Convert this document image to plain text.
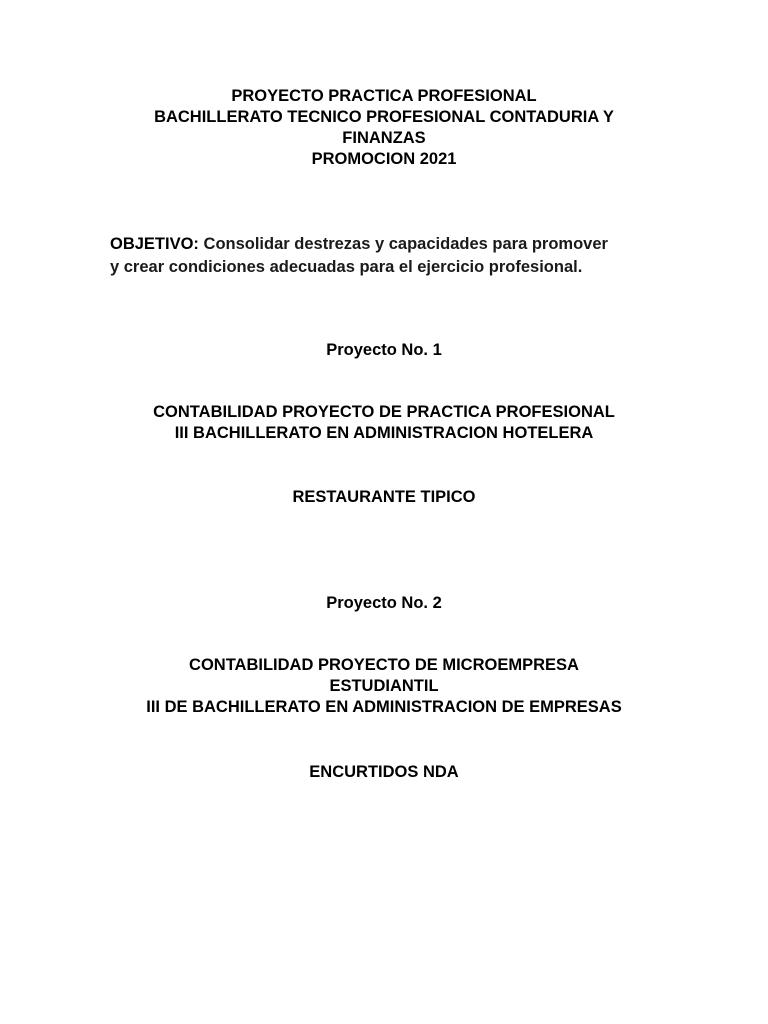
PROYECTO PRACTICA PROFESIONAL
BACHILLERATO TECNICO PROFESIONAL CONTADURIA Y
FINANZAS
PROMOCION 2021
OBJETIVO: Consolidar destrezas y capacidades para promover
y crear condiciones adecuadas para el ejercicio profesional.
Proyecto No. 1
CONTABILIDAD PROYECTO DE PRACTICA PROFESIONAL
III BACHILLERATO EN ADMINISTRACION HOTELERA
RESTAURANTE TIPICO
Proyecto No. 2
CONTABILIDAD PROYECTO DE MICROEMPRESA
ESTUDIANTIL
III DE BACHILLERATO EN ADMINISTRACION DE EMPRESAS
ENCURTIDOS NDA
